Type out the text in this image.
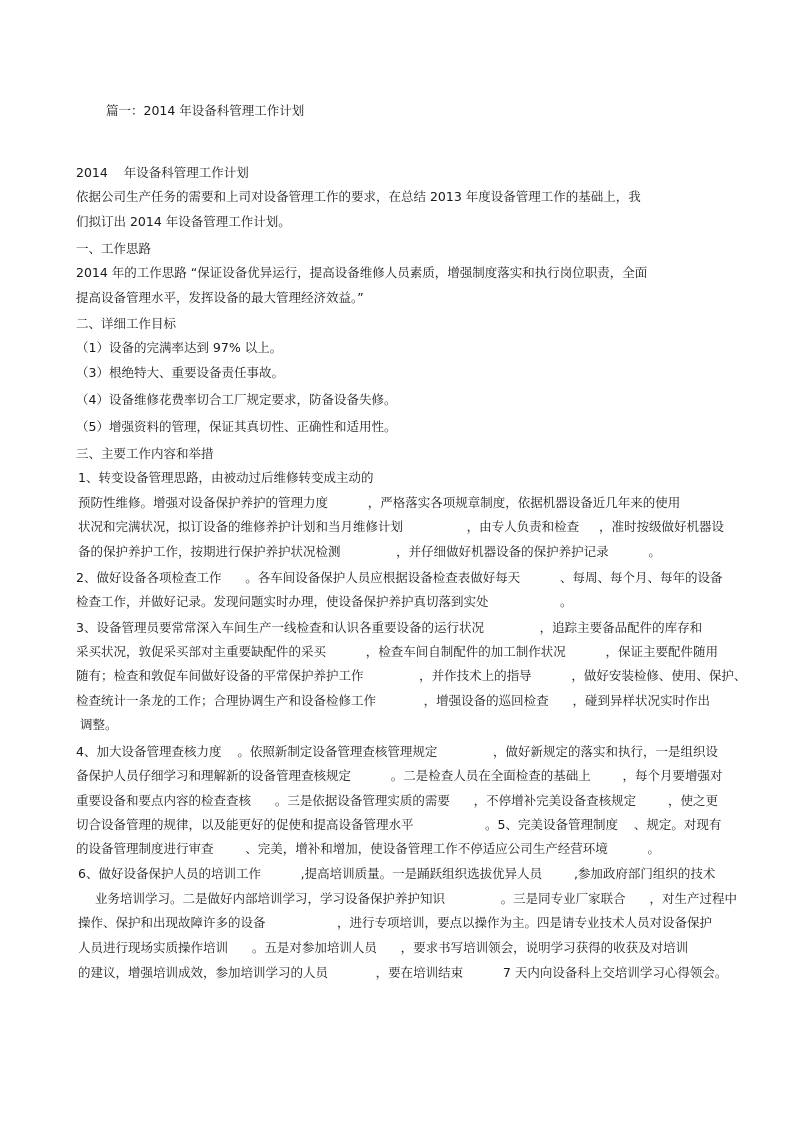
篇一：2014 年设备科管理工作计划

2014    年设备科管理工作计划

依据公司生产任务的需要和上司对设备管理工作的要求，在总结 2013 年度设备管理工作的基础上，我

们拟订出 2014 年设备管理工作计划。

一、工作思路

2014 年的工作思路 “保证设备优异运行，提高设备维修人员素质，增强制度落实和执行岗位职责，全面

提高设备管理水平，发挥设备的最大管理经济效益。”

二、详细工作目标

（1）设备的完满率达到 97% 以上。

（3）根绝特大、重要设备责任事故。

（4）设备维修花费率切合工厂规定要求，防备设备失修。

（5）增强资料的管理，保证其真切性、正确性和适用性。

三、主要工作内容和举措

1、转变设备管理思路，由被动过后维修转变成主动的

预防性维修。增强对设备保护养护的管理力度          ，严格落实各项规章制度，依据机器设备近几年来的使用

状况和完满状况，拟订设备的维修养护计划和当月维修计划                ，由专人负责和检查     ，准时按级做好机器设

备的保护养护工作，按期进行保护养护状况检测              ，并仔细做好机器设备的保护养护记录          。

2、做好设备各项检查工作      。各车间设备保护人员应根据设备检查表做好每天          、每周、每个月、每年的设备

检查工作，并做好记录。发现问题实时办理，使设备保护养护真切落到实处                  。

3、设备管理员要常常深入车间生产一线检查和认识各重要设备的运行状况              ，追踪主要备品配件的库存和

采买状况，敦促采买部对主重要缺配件的采买          ，检查车间自制配件的加工制作状况          ，保证主要配件随用

随有；检查和敦促车间做好设备的平常保护养护工作              ，并作技术上的指导          ，做好安装检修、使用、保护、

检查统计一条龙的工作；合理协调生产和设备检修工作            ，增强设备的巡回检查      ，碰到异样状况实时作出

调整。

4、加大设备管理查核力度    。依照新制定设备管理查核管理规定              ，做好新规定的落实和执行，一是组织设

备保护人员仔细学习和理解新的设备管理查核规定          。二是检查人员在全面检查的基础上        ，每个月要增强对

重要设备和要点内容的检查查核      。三是依据设备管理实质的需要      ，不停增补完美设备查核规定        ，使之更

切合设备管理的规律，以及能更好的促使和提高设备管理水平                  。5、完美设备管理制度    、规定。对现有

的设备管理制度进行审查        、完美，增补和增加，使设备管理工作不停适应公司生产经营环境          。

6、做好设备保护人员的培训工作          ,提高培训质量。一是踊跃组织选拔优异人员        ,参加政府部门组织的技术

业务培训学习。二是做好内部培训学习，学习设备保护养护知识              。三是同专业厂家联合      ，对生产过程中

操作、保护和出现故障许多的设备                  ，进行专项培训，要点以操作为主。四是请专业技术人员对设备保护

人员进行现场实质操作培训      。五是对参加培训人员      ，要求书写培训领会，说明学习获得的收获及对培训

的建议，增强培训成效，参加培训学习的人员            ，要在培训结束          7 天内向设备科上交培训学习心得领会。
